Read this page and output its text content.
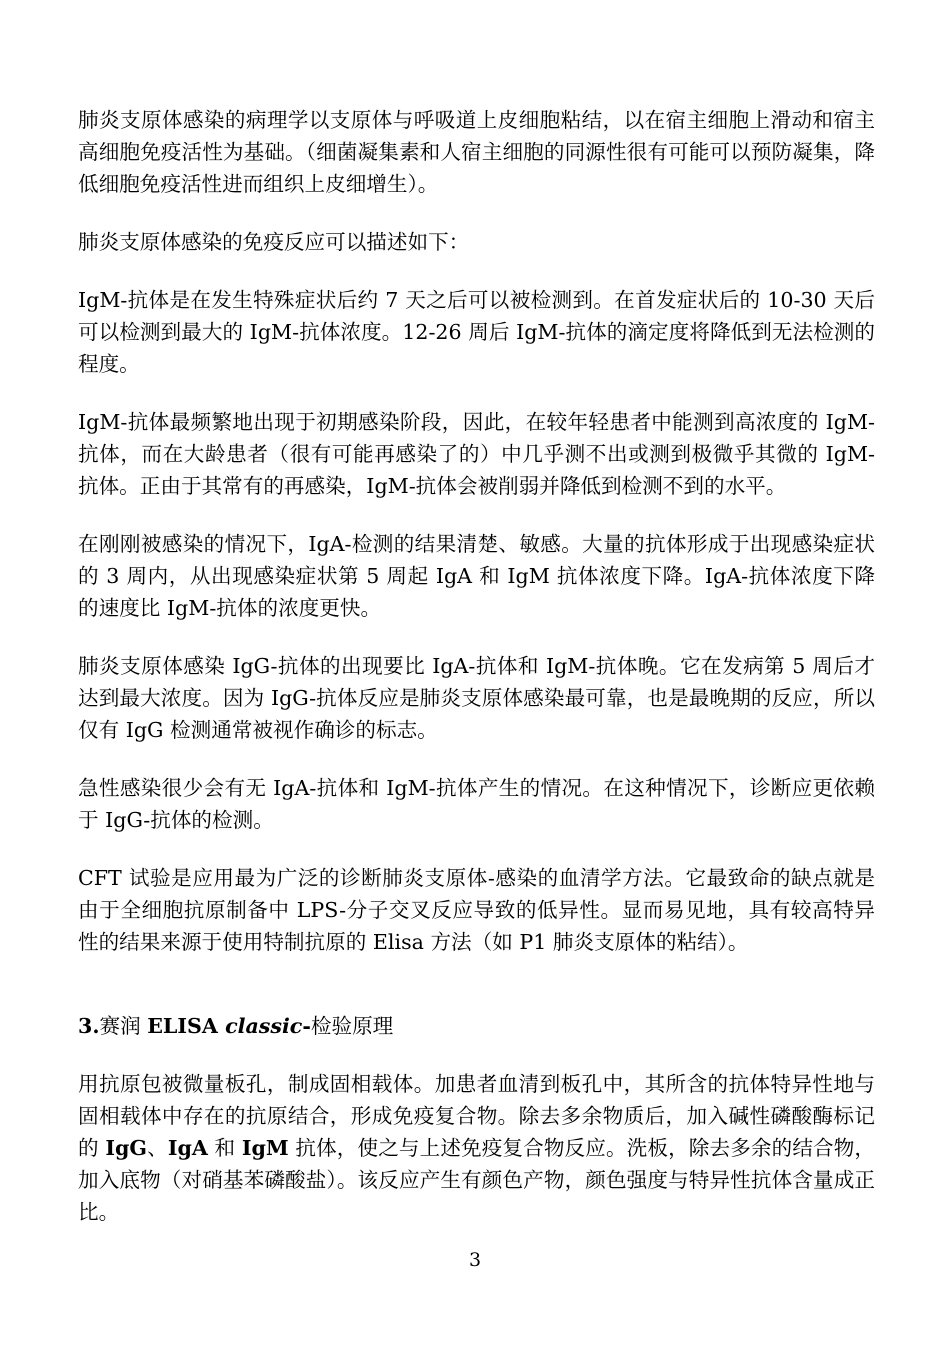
肺炎支原体感染的病理学以支原体与呼吸道上皮细胞粘结，以在宿主细胞上滑动和宿主高细胞免疫活性为基础。（细菌凝集素和人宿主细胞的同源性很有可能可以预防凝集，降低细胞免疫活性进而组织上皮细增生）。

肺炎支原体感染的免疫反应可以描述如下：

IgM-抗体是在发生特殊症状后约 7 天之后可以被检测到。在首发症状后的 10-30 天后可以检测到最大的 IgM-抗体浓度。12-26 周后 IgM-抗体的滴定度将降低到无法检测的程度。

IgM-抗体最频繁地出现于初期感染阶段，因此，在较年轻患者中能测到高浓度的 IgM-抗体，而在大龄患者（很有可能再感染了的）中几乎测不出或测到极微乎其微的 IgM-抗体。正由于其常有的再感染，IgM-抗体会被削弱并降低到检测不到的水平。

在刚刚被感染的情况下，IgA-检测的结果清楚、敏感。大量的抗体形成于出现感染症状的 3 周内，从出现感染症状第 5 周起 IgA 和 IgM 抗体浓度下降。IgA-抗体浓度下降的速度比 IgM-抗体的浓度更快。

肺炎支原体感染 IgG-抗体的出现要比 IgA-抗体和 IgM-抗体晚。它在发病第 5 周后才达到最大浓度。因为 IgG-抗体反应是肺炎支原体感染最可靠，也是最晚期的反应，所以仅有 IgG 检测通常被视作确诊的标志。

急性感染很少会有无 IgA-抗体和 IgM-抗体产生的情况。在这种情况下，诊断应更依赖于 IgG-抗体的检测。

CFT 试验是应用最为广泛的诊断肺炎支原体-感染的血清学方法。它最致命的缺点就是由于全细胞抗原制备中 LPS-分子交叉反应导致的低异性。显而易见地，具有较高特异性的结果来源于使用特制抗原的 Elisa 方法（如 P1 肺炎支原体的粘结）。

3.赛润 ELISA classic-检验原理

用抗原包被微量板孔，制成固相载体。加患者血清到板孔中，其所含的抗体特异性地与固相载体中存在的抗原结合，形成免疫复合物。除去多余物质后，加入碱性磷酸酶标记的 IgG、IgA 和 IgM 抗体，使之与上述免疫复合物反应。洗板，除去多余的结合物，加入底物（对硝基苯磷酸盐）。该反应产生有颜色产物，颜色强度与特异性抗体含量成正比。

3
